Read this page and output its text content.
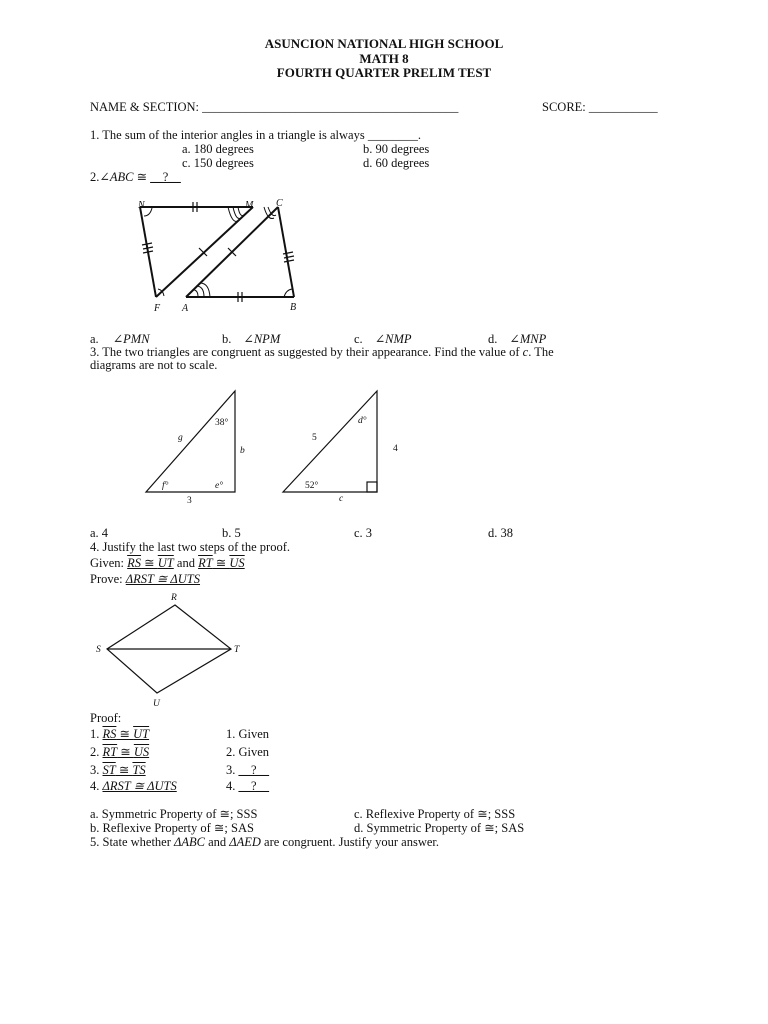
ASUNCION NATIONAL HIGH SCHOOL
MATH 8
FOURTH QUARTER PRELIM TEST
NAME & SECTION: _________________________________________	SCORE: ___________
1. The sum of the interior angles in a triangle is always ________.
a. 180 degrees	b. 90 degrees
c. 150 degrees	d. 60 degrees
2.∠ABC ≅ __?__
N	M C
F A	B
a. ∠PMN	b. ∠NPM	c. ∠NMP	d. ∠MNP
3. The two triangles are congruent as suggested by their appearance. Find the value of c. The
diagrams are not to scale.
38°
g
b
f°	e°
3
d°
5
4
52°
c
a. 4	b. 5	c. 3	d. 38
4. Justify the last two steps of the proof.
Given: RS ≅ UT and RT ≅ US
Prove: ΔRST ≅ ΔUTS
R
S	T
U
Proof:
1. RS ≅ UT	1. Given
2. RT ≅ US	2. Given
3. ST ≅ TS	3. __?__
4. ΔRST ≅ ΔUTS	4. __?__
a. Symmetric Property of ≅; SSS	c. Reflexive Property of ≅; SSS
b. Reflexive Property of ≅; SAS	d. Symmetric Property of ≅; SAS
5. State whether ΔABC and ΔAED are congruent. Justify your answer.
